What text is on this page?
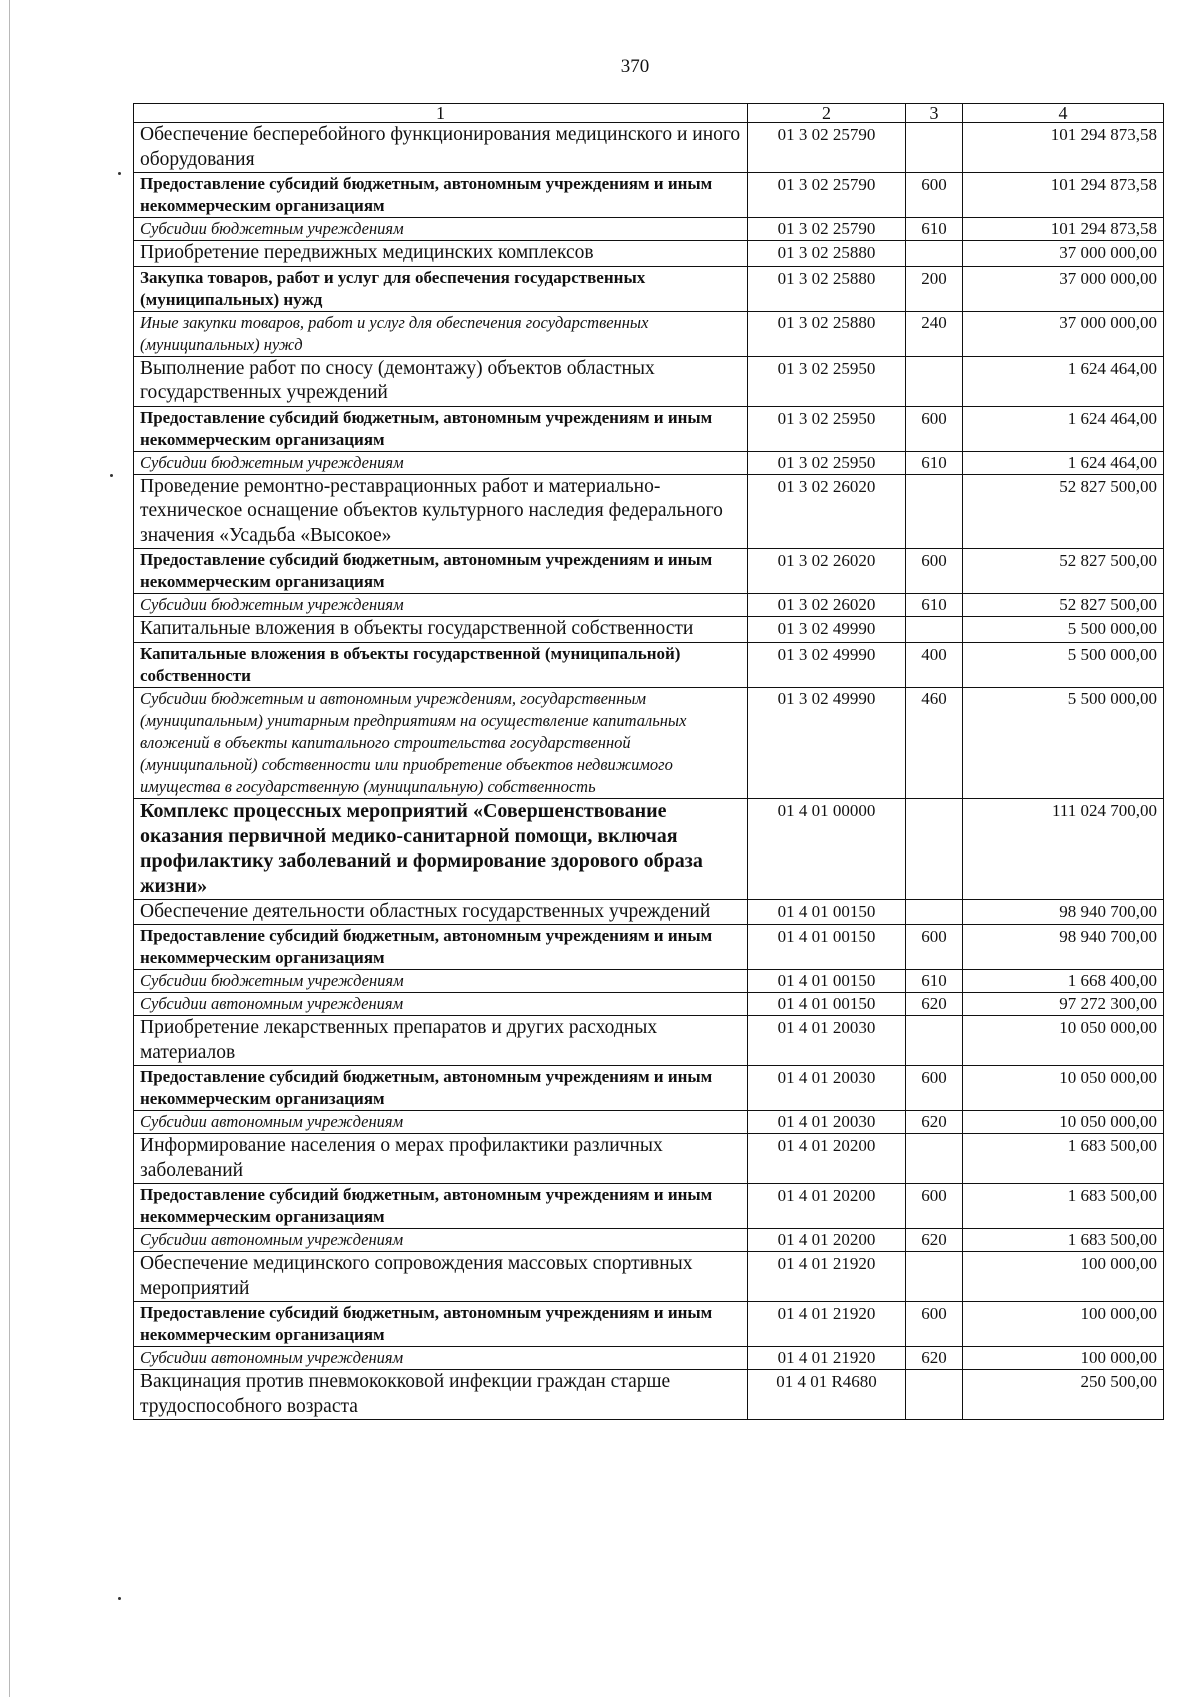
370
1	2	3	4
Обеспечение бесперебойного функционирования медицинского и иного оборудования	01 3 02 25790		101 294 873,58
Предоставление субсидий бюджетным, автономным учреждениям и иным некоммерческим организациям	01 3 02 25790	600	101 294 873,58
Субсидии бюджетным учреждениям	01 3 02 25790	610	101 294 873,58
Приобретение передвижных медицинских комплексов	01 3 02 25880		37 000 000,00
Закупка товаров, работ и услуг для обеспечения государственных (муниципальных) нужд	01 3 02 25880	200	37 000 000,00
Иные закупки товаров, работ и услуг для обеспечения государственных (муниципальных) нужд	01 3 02 25880	240	37 000 000,00
Выполнение работ по сносу (демонтажу) объектов областных государственных учреждений	01 3 02 25950		1 624 464,00
Предоставление субсидий бюджетным, автономным учреждениям и иным некоммерческим организациям	01 3 02 25950	600	1 624 464,00
Субсидии бюджетным учреждениям	01 3 02 25950	610	1 624 464,00
Проведение ремонтно-реставрационных работ и материально-техническое оснащение объектов культурного наследия федерального значения «Усадьба «Высокое»	01 3 02 26020		52 827 500,00
Предоставление субсидий бюджетным, автономным учреждениям и иным некоммерческим организациям	01 3 02 26020	600	52 827 500,00
Субсидии бюджетным учреждениям	01 3 02 26020	610	52 827 500,00
Капитальные вложения в объекты государственной собственности	01 3 02 49990		5 500 000,00
Капитальные вложения в объекты государственной (муниципальной) собственности	01 3 02 49990	400	5 500 000,00
Субсидии бюджетным и автономным учреждениям, государственным (муниципальным) унитарным предприятиям на осуществление капитальных вложений в объекты капитального строительства государственной (муниципальной) собственности или приобретение объектов недвижимого имущества в государственную (муниципальную) собственность	01 3 02 49990	460	5 500 000,00
Комплекс процессных мероприятий «Совершенствование оказания первичной медико-санитарной помощи, включая профилактику заболеваний и формирование здорового образа жизни»	01 4 01 00000		111 024 700,00
Обеспечение деятельности областных государственных учреждений	01 4 01 00150		98 940 700,00
Предоставление субсидий бюджетным, автономным учреждениям и иным некоммерческим организациям	01 4 01 00150	600	98 940 700,00
Субсидии бюджетным учреждениям	01 4 01 00150	610	1 668 400,00
Субсидии автономным учреждениям	01 4 01 00150	620	97 272 300,00
Приобретение лекарственных препаратов и других расходных материалов	01 4 01 20030		10 050 000,00
Предоставление субсидий бюджетным, автономным учреждениям и иным некоммерческим организациям	01 4 01 20030	600	10 050 000,00
Субсидии автономным учреждениям	01 4 01 20030	620	10 050 000,00
Информирование населения о мерах профилактики различных заболеваний	01 4 01 20200		1 683 500,00
Предоставление субсидий бюджетным, автономным учреждениям и иным некоммерческим организациям	01 4 01 20200	600	1 683 500,00
Субсидии автономным учреждениям	01 4 01 20200	620	1 683 500,00
Обеспечение медицинского сопровождения массовых спортивных мероприятий	01 4 01 21920		100 000,00
Предоставление субсидий бюджетным, автономным учреждениям и иным некоммерческим организациям	01 4 01 21920	600	100 000,00
Субсидии автономным учреждениям	01 4 01 21920	620	100 000,00
Вакцинация против пневмококковой инфекции граждан старше трудоспособного возраста	01 4 01 R4680		250 500,00
